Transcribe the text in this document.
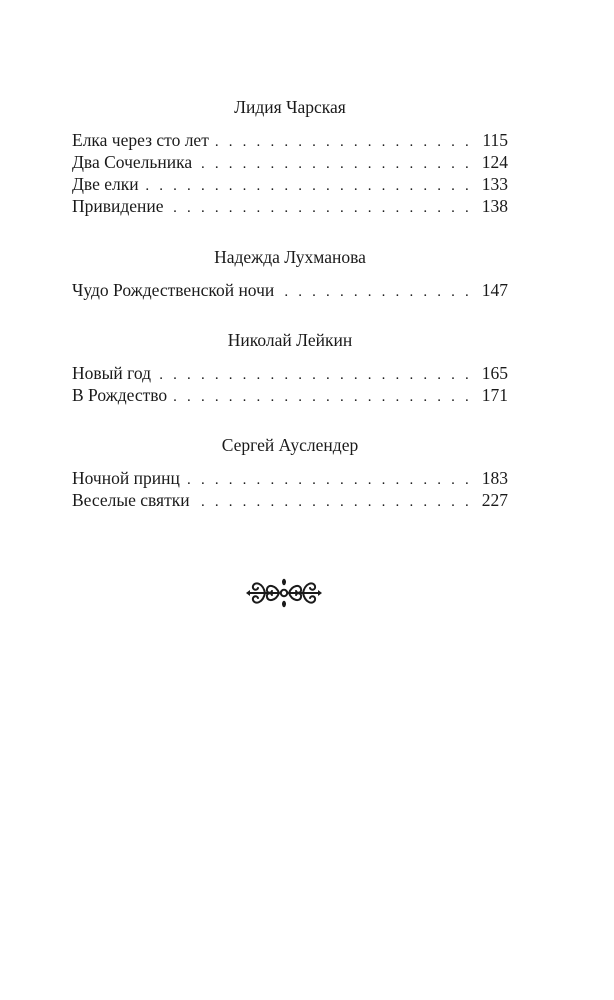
Лидия Чарская
Елка через сто лет . . .	115
Два Сочельника . . .	124
Две елки . . .	133
Привидение . . .	138
Надежда Лухманова
Чудо Рождественской ночи . . .	147
Николай Лейкин
Новый год . . .	165
В Рождество . . .	171
Сергей Ауслендер
Ночной принц . . .	183
Веселые святки . . .	227
